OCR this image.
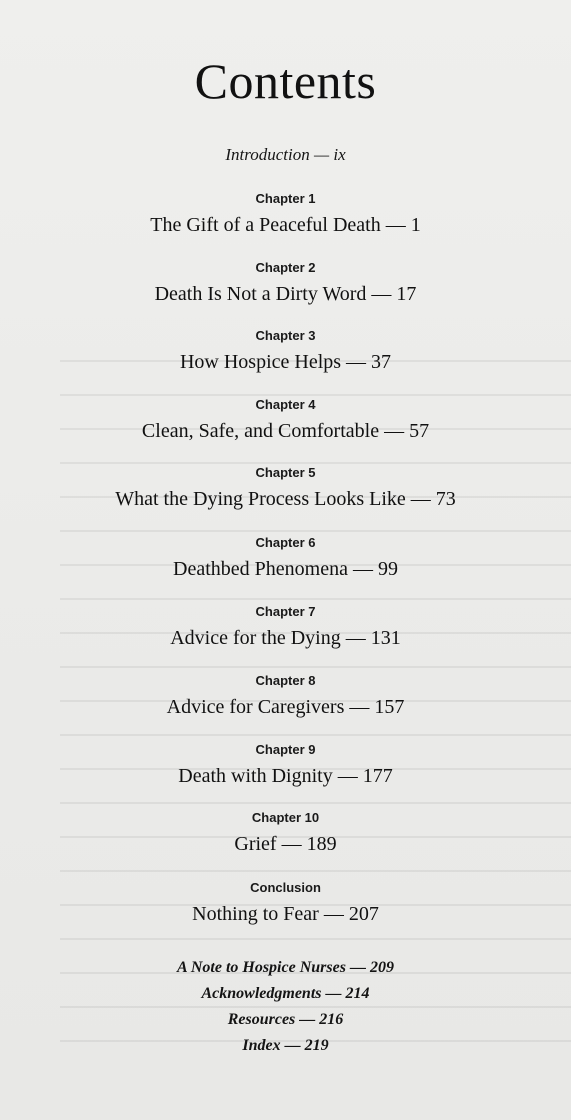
Contents
Introduction — ix
Chapter 1
The Gift of a Peaceful Death — 1
Chapter 2
Death Is Not a Dirty Word — 17
Chapter 3
How Hospice Helps — 37
Chapter 4
Clean, Safe, and Comfortable — 57
Chapter 5
What the Dying Process Looks Like — 73
Chapter 6
Deathbed Phenomena — 99
Chapter 7
Advice for the Dying — 131
Chapter 8
Advice for Caregivers — 157
Chapter 9
Death with Dignity — 177
Chapter 10
Grief — 189
Conclusion
Nothing to Fear — 207
A Note to Hospice Nurses — 209
Acknowledgments — 214
Resources — 216
Index — 219
